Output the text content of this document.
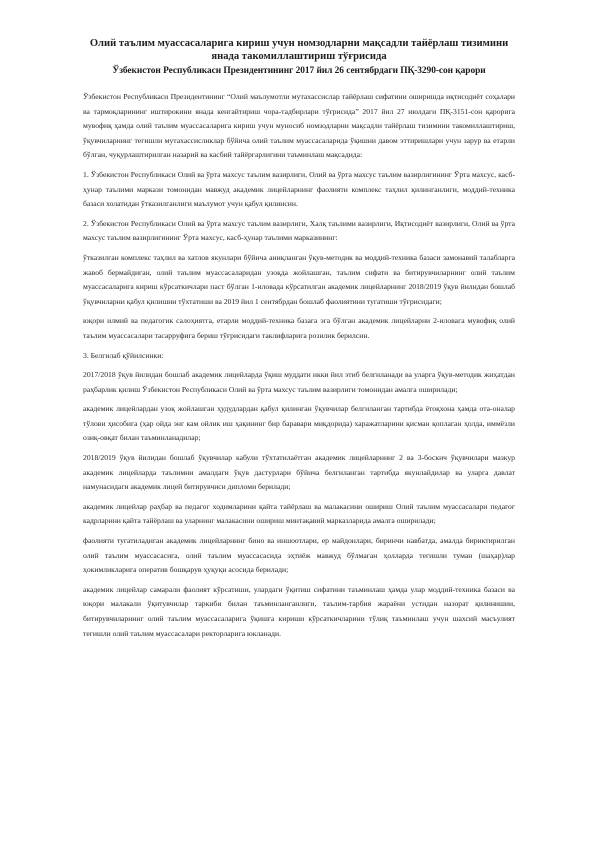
Олий таълим муассасаларига кириш учун номзодларни мақсадли тайёрлаш тизимини янада такомиллаштириш тўғрисида
Ўзбекистон Республикаси Президентининг 2017 йил 26 сентябрдаги ПҚ-3290-сон қарори

Ўзбекистон Республикаси Президентининг “Олий маълумотли мутахассислар тайёрлаш сифатини оширишда иқтисодиёт соҳалари ва тармоқларининг иштирокини янада кенгайтириш чора-тадбирлари тўғрисида” 2017 йил 27 июлдаги ПҚ-3151-сон қарорига мувофиқ ҳамда олий таълим муассасаларига кириш учун муносиб номзодларни мақсадли тайёрлаш тизимини такомиллаштириш, ўқувчиларнинг тегишли мутахассисликлар бўйича олий таълим муассасаларида ўқишни давом эттиришлари учун зарур ва етарли бўлган, чуқурлаштирилган назарий ва касбий тайёргарлигини таъминлаш мақсадида:

1. Ўзбекистон Республикаси Олий ва ўрта махсус таълим вазирлиги, Олий ва ўрта махсус таълим вазирлигининг Ўрта махсус, касб-ҳунар таълими маркази томонидан мавжуд академик лицейларнинг фаолияти комплекс таҳлил қилинганлиги, моддий-техника базаси холатидан ўтказилганлиги маълумот учун қабул қилинсин.

2. Ўзбекистон Республикаси Олий ва ўрта махсус таълим вазирлиги, Халқ таълими вазирлиги, Иқтисодиёт вазирлиги, Олий ва ўрта махсус таълим вазирлигининг Ўрта махсус, касб-ҳунар таълими марказининг:

ўтказилган комплекс таҳлил ва хатлов якунлари бўйича аниқланган ўқув-методик ва моддий-техника базаси замонавий талабларга жавоб бермайдиган, олий таълим муассасаларидан узоқда жойлашган, таълим сифати ва битирувчиларнинг олий таълим муассасаларига кириш кўрсаткичлари паст бўлган 1-иловада кўрсатилган академик лицейларнинг 2018/2019 ўқув йилидан бошлаб ўқувчиларни қабул қилишни тўхтатиши ва 2019 йил 1 сентябрдан бошлаб фаолиятини тугатиши тўғрисидаги;

юқори илмий ва педагогик салоҳиятга, етарли моддий-техника базага эга бўлган академик лицейларни 2-иловага мувофиқ олий таълим муассасалари тасарруфига бериш тўғрисидаги таклифларига розилик берилсин.

3. Белгилаб қўйилсинки:

2017/2018 ўқув йилидан бошлаб академик лицейларда ўқиш муддати икки йил этиб белгиланади ва уларга ўқув-методик жиҳатдан раҳбарлик қилиш Ўзбекистон Республикаси Олий ва ўрта махсус таълим вазирлиги томонидан амалга оширилади;

академик лицейлардан узоқ жойлашган ҳудудлардан қабул қилинган ўқувчилар белгиланган тартибда ётоқхона ҳамда ота-оналар тўлови ҳисобига (ҳар ойда энг кам ойлик иш ҳақининг бир баравари миқдорида) харажатларини қисман қоплаган ҳолда, иммёзли озиқ-овқат билан таъминланадилар;

2018/2019 ўқув йилидан бошлаб ўқувчилар кабули тўхтатилаётган академик лицейларнинг 2 ва 3-боскич ўқувчилари мазкур академик лицейларда таълимни амалдаги ўқув дастурлари бўйича белгиланган тартибда якунлайдилар ва уларга давлат намунасидаги академик лицей битирувчиси дипломи берилади;

академик лицейлар раҳбар ва педагог ходимларини қайта тайёрлаш ва малакасини ошириш Олий таълим муассасалари педагог кадрларини қайта тайёрлаш ва уларнинг малакасини ошириш минтақавий марказларида амалга оширилади;

фаолияти тугатиладиган академик лицейларнинг бино ва иншоотлари, ер майдонлари, биринчи навбатда, амалда бириктирилган олий таълим муассасасига, олий таълим муассасасида эҳтиёж мавжуд бўлмаган ҳолларда тегишли туман (шаҳар)лар ҳокимликларига оператив бошқарув ҳуқуқи асосида берилади;

академик лицейлар самарали фаолият кўрсатиши, улардаги ўқитиш сифатини таъминлаш ҳамда улар моддий-техника базаси ва юқори малакали ўқитувчилар таркиби билан таъминланганлиги, таълим-тарбия жараёни устидан назорат қилинишии, битирувчиларнинг олий таълим муассасаларига ўқишга кириши кўрсаткичларини тўлиқ таъминлаш учун шахсий масъулият тегишли олий таълим муассасалари ректорларига юкланади.
